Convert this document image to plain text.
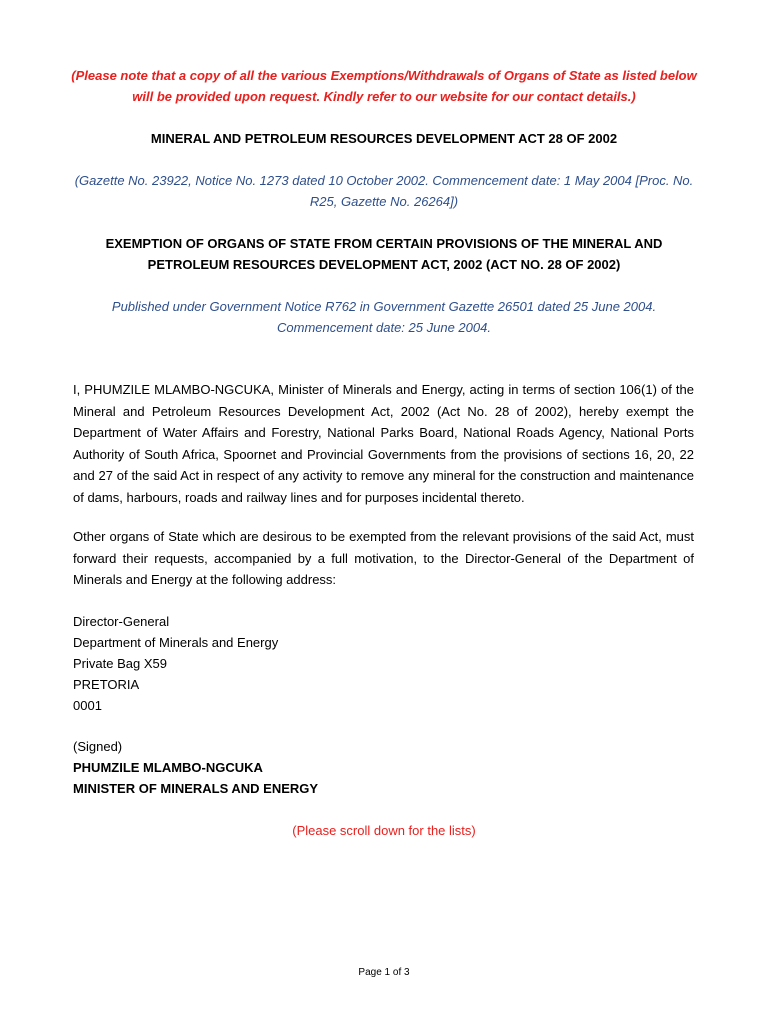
(Please note that a copy of all the various Exemptions/Withdrawals of Organs of State as listed below
will be provided upon request. Kindly refer to our website for our contact details.)
MINERAL AND PETROLEUM RESOURCES DEVELOPMENT ACT 28 OF 2002
(Gazette No. 23922, Notice No. 1273 dated 10 October 2002. Commencement date: 1 May 2004 [Proc. No.
R25, Gazette No. 26264])
EXEMPTION OF ORGANS OF STATE FROM CERTAIN PROVISIONS OF THE MINERAL AND
PETROLEUM RESOURCES DEVELOPMENT ACT, 2002 (ACT NO. 28 OF 2002)
Published under Government Notice R762 in Government Gazette 26501 dated 25 June 2004.
Commencement date: 25 June 2004.

I, PHUMZILE MLAMBO-NGCUKA, Minister of Minerals and Energy, acting in terms of section 106(1) of the Mineral and Petroleum Resources Development Act, 2002 (Act No. 28 of 2002), hereby exempt the Department of Water Affairs and Forestry, National Parks Board, National Roads Agency, National Ports Authority of South Africa, Spoornet and Provincial Governments from the provisions of sections 16, 20, 22 and 27 of the said Act in respect of any activity to remove any mineral for the construction and maintenance of dams, harbours, roads and railway lines and for purposes incidental thereto.

Other organs of State which are desirous to be exempted from the relevant provisions of the said Act, must forward their requests, accompanied by a full motivation, to the Director-General of the Department of Minerals and Energy at the following address:

Director-General
Department of Minerals and Energy
Private Bag X59
PRETORIA
0001
(Signed)
PHUMZILE MLAMBO-NGCUKA
MINISTER OF MINERALS AND ENERGY
(Please scroll down for the lists)
Page 1 of 3
